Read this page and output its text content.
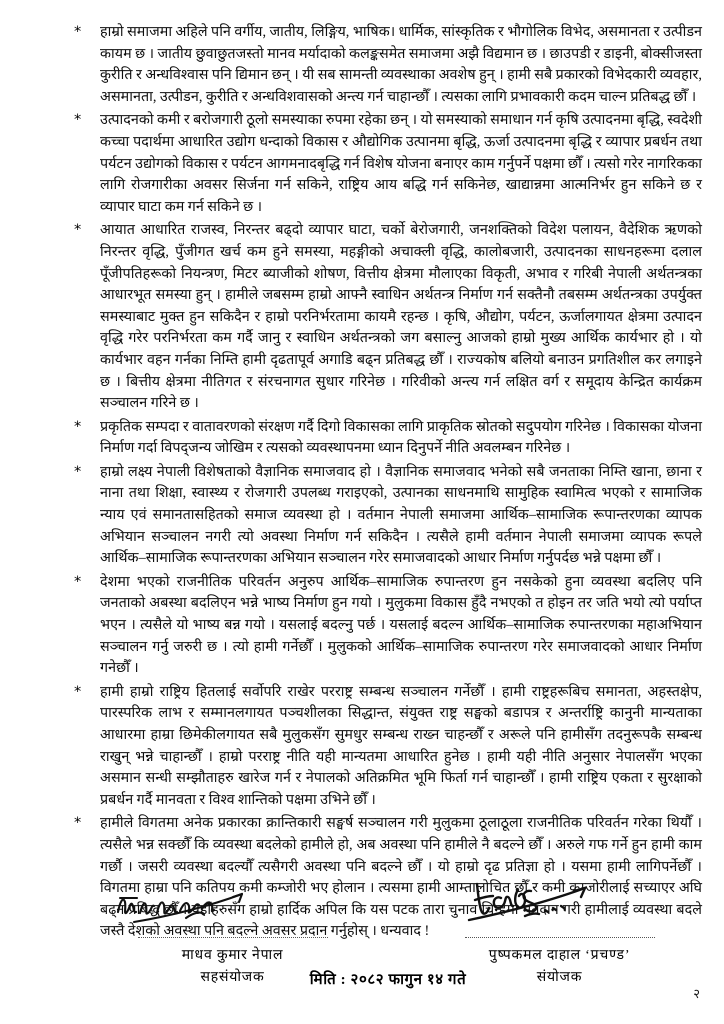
*	हाम्रो समाजमा अहिले पनि वर्गीय, जातीय, लिङ्गिय, भाषिक। धार्मिक, सांस्कृतिक र भौगोलिक विभेद, असमानता र उत्पीडन कायम छ । जातीय छुवाछुतजस्तो मानव मर्यादाको कलङ्कसमेत समाजमा अझै विद्यमान छ । छाउपडी र डाइनी, बोक्सीजस्ता कुरीति र अन्धविश्वास पनि द्यिमान छन् । यी सब सामन्ती व्यवस्थाका अवशेष हुन् । हामी सबै प्रकारको विभेदकारी व्यवहार, असमानता, उत्पीडन, कुरीति र अन्धविशवासको अन्त्य गर्न चाहान्छौँ । त्यसका लागि प्रभावकारी कदम चाल्न प्रतिबद्ध छौँ ।
*	उत्पादनको कमी र बरोजगारी ठूलो समस्याका रुपमा रहेका छन् । यो समस्याको समाधान गर्न कृषि उत्पादनमा बृद्धि, स्वदेशी कच्चा पदार्थमा आधारित उद्योग धन्दाको विकास र औद्योगिक उत्पानमा बृद्धि, ऊर्जा उत्पादनमा बृद्धि र व्यापार प्रबर्धन तथा पर्यटन उद्योगको विकास र पर्यटन आगमनादबृद्धि गर्न विशेष योजना बनाएर काम गर्नुपर्ने पक्षमा छौँ । त्यसो गरेर नागरिकका लागि रोजगारीका अवसर सिर्जना गर्न सकिने, राष्ट्रिय आय बद्धि गर्न सकिनेछ, खाद्यान्नमा आत्मनिर्भर हुन सकिने छ र व्यापार घाटा कम गर्न सकिने छ ।
*	आयात आधारित राजस्व, निरन्तर बढ्दो व्यापार घाटा, चर्को बेरोजगारी, जनशक्तिको विदेश पलायन, वैदेशिक ऋणको निरन्तर वृद्धि, पुँजीगत खर्च कम हुने समस्या, महङ्गीको अचाक्ली वृद्धि, कालोबजारी, उत्पादनका साधनहरूमा दलाल पूँजीपतिहरूको नियन्त्रण, मिटर ब्याजीको शोषण, वित्तीय क्षेत्रमा मौलाएका विकृती, अभाव र गरिबी नेपाली अर्थतन्त्रका आधारभूत समस्या हुन् । हामीले जबसम्म हाम्रो आफ्नै स्वाधिन अर्थतन्त्र निर्माण गर्न सक्तैनौ तबसम्म अर्थतन्त्रका उपर्युक्त समस्याबाट मुक्त हुन सकिदैन र हाम्रो परनिर्भरतामा कायमै रहन्छ । कृषि, औद्योग, पर्यटन, ऊर्जालगायत क्षेत्रमा उत्पादन वृद्धि गरेर परनिर्भरता कम गर्दै जानु र स्वाधिन अर्थतन्त्रको जग बसाल्नु आजको हाम्रो मुख्य आर्थिक कार्यभार हो । यो कार्यभार वहन गर्नका निम्ति हामी दृढतापूर्व अगाडि बढ्न प्रतिबद्ध छौँ । राज्यकोष बलियो बनाउन प्रगतिशील कर लगाइने छ । बित्तीय क्षेत्रमा नीतिगत र संरचनागत सुधार गरिनेछ । गरिवीको अन्त्य गर्न लक्षित वर्ग र समूदाय केन्द्रित कार्यक्रम सञ्चालन गरिने छ ।
*	प्रकृतिक सम्पदा र वातावरणको संरक्षण गर्दै दिगो विकासका लागि प्राकृतिक स्रोतको सदुपयोग गरिनेछ । विकासका योजना निर्माण गर्दा विपद्जन्य जोखिम र त्यसको व्यवस्थापनमा ध्यान दिनुपर्ने नीति अवलम्बन गरिनेछ ।
*	हाम्रो लक्ष्य नेपाली विशेषताको वैज्ञानिक समाजवाद हो । वैज्ञानिक समाजवाद भनेको सबै जनताका निम्ति खाना, छाना र नाना तथा शिक्षा, स्वास्थ्य र रोजगारी उपलब्ध गराइएको, उत्पानका साधनमाथि सामुहिक स्वामित्व भएको र सामाजिक न्याय एवं समानतासहितको समाज व्यवस्था हो । वर्तमान नेपाली समाजमा आर्थिक–सामाजिक रूपान्तरणका व्यापक अभियान सञ्चालन नगरी त्यो अवस्था निर्माण गर्न सकिदैन । त्यसैले हामी वर्तमान नेपाली समाजमा व्यापक रूपले आर्थिक–सामाजिक रूपान्तरणका अभियान सञ्चालन गरेर समाजवादको आधार निर्माण गर्नुपर्दछ भन्ने पक्षमा छौँ ।
*	देशमा भएको राजनीतिक परिवर्तन अनुरुप आर्थिक–सामाजिक रुपान्तरण हुन नसकेको हुना व्यवस्था बदलिए पनि जनताको अबस्था बदलिएन भन्ने भाष्य निर्माण हुन गयो । मुलुकमा विकास हुँदै नभएको त होइन तर जति भयो त्यो पर्याप्त भएन । त्यसैले यो भाष्य बन्न गयो । यसलाई बदल्नु पर्छ । यसलाई बदल्न आर्थिक–सामाजिक रुपान्तरणका महाअभियान सञ्चालन गर्नु जरुरी छ । त्यो हामी गर्नेछौँ । मुलुकको आर्थिक–सामाजिक रुपान्तरण गरेर समाजवादको आधार निर्माण गनेछौँ ।
*	हामी हाम्रो राष्ट्रिय हितलाई सर्वोपरि राखेर परराष्ट्र सम्बन्ध सञ्चालन गर्नेछौँ । हामी राष्ट्रहरूबिच समानता, अहस्तक्षेप, पारस्परिक लाभ र सम्मानलगायत पञ्चशीलका सिद्धान्त, संयुक्त राष्ट्र सङ्घको बडापत्र र अन्तर्राष्ट्रि कानुनी मान्यताका आधारमा हाम्रा छिमेकीलगायत सबै मुलुकसँग सुमधुर सम्बन्ध राख्न चाहन्छौँ र अरूले पनि हामीसँग तदनुरूपकै सम्बन्ध राखुन् भन्ने चाहान्छौँ । हाम्रो परराष्ट्र नीति यही मान्यतमा आधारित हुनेछ । हामी यही नीति अनुसार नेपालसँग भएका असमान सन्धी सम्झौताहरु खारेज गर्न र नेपालको अतिक्रमित भूमि फिर्ता गर्न चाहान्छौँ । हामी राष्ट्रिय एकता र सुरक्षाको प्रबर्धन गर्दै मानवता र विश्व शान्तिको पक्षमा उभिने छौँ ।
*	हामीले विगतमा अनेक प्रकारका क्रान्तिकारी सङ्घर्ष सञ्चालन गरी मुलुकमा ठूलाठूला राजनीतिक परिवर्तन गरेका थियौँ । त्यसैले भन्न सक्छौँ कि व्यवस्था बदलेको हामीले हो, अब अवस्था पनि हामीले नै बदल्ने छौँ । अरुले गफ गर्ने हुन हामी काम गर्छौ । जसरी व्यवस्था बदल्यौँ त्यसैगरी अवस्था पनि बदल्ने छौँ । यो हाम्रो दृढ प्रतिज्ञा हो । यसमा हामी लागिपर्नेछौँ । विगतमा हाम्रा पनि कतिपय कमी कम्जोरी भए होलान । त्यसमा हामी आम्तालोचित छौँ र कमी कम्जोरीलाई सच्याएर अघि बढ्न प्रबिद्ध छौँ । यहाँहरुसँग हाम्रो हार्दिक अपिल कि यस पटक तारा चुनाव चिन्हमा मतदान गरी हामीलाई व्यवस्था बदले जस्तै देशको अवस्था पनि बदल्ने अवसर प्रदान गर्नुहोस् । धन्यवाद !
मिति : २०८२ फागुन १४ गते
माधव कुमार नेपाल
सहसंयोजक
पुष्पकमल दाहाल ‘प्रचण्ड’
संयोजक
२
